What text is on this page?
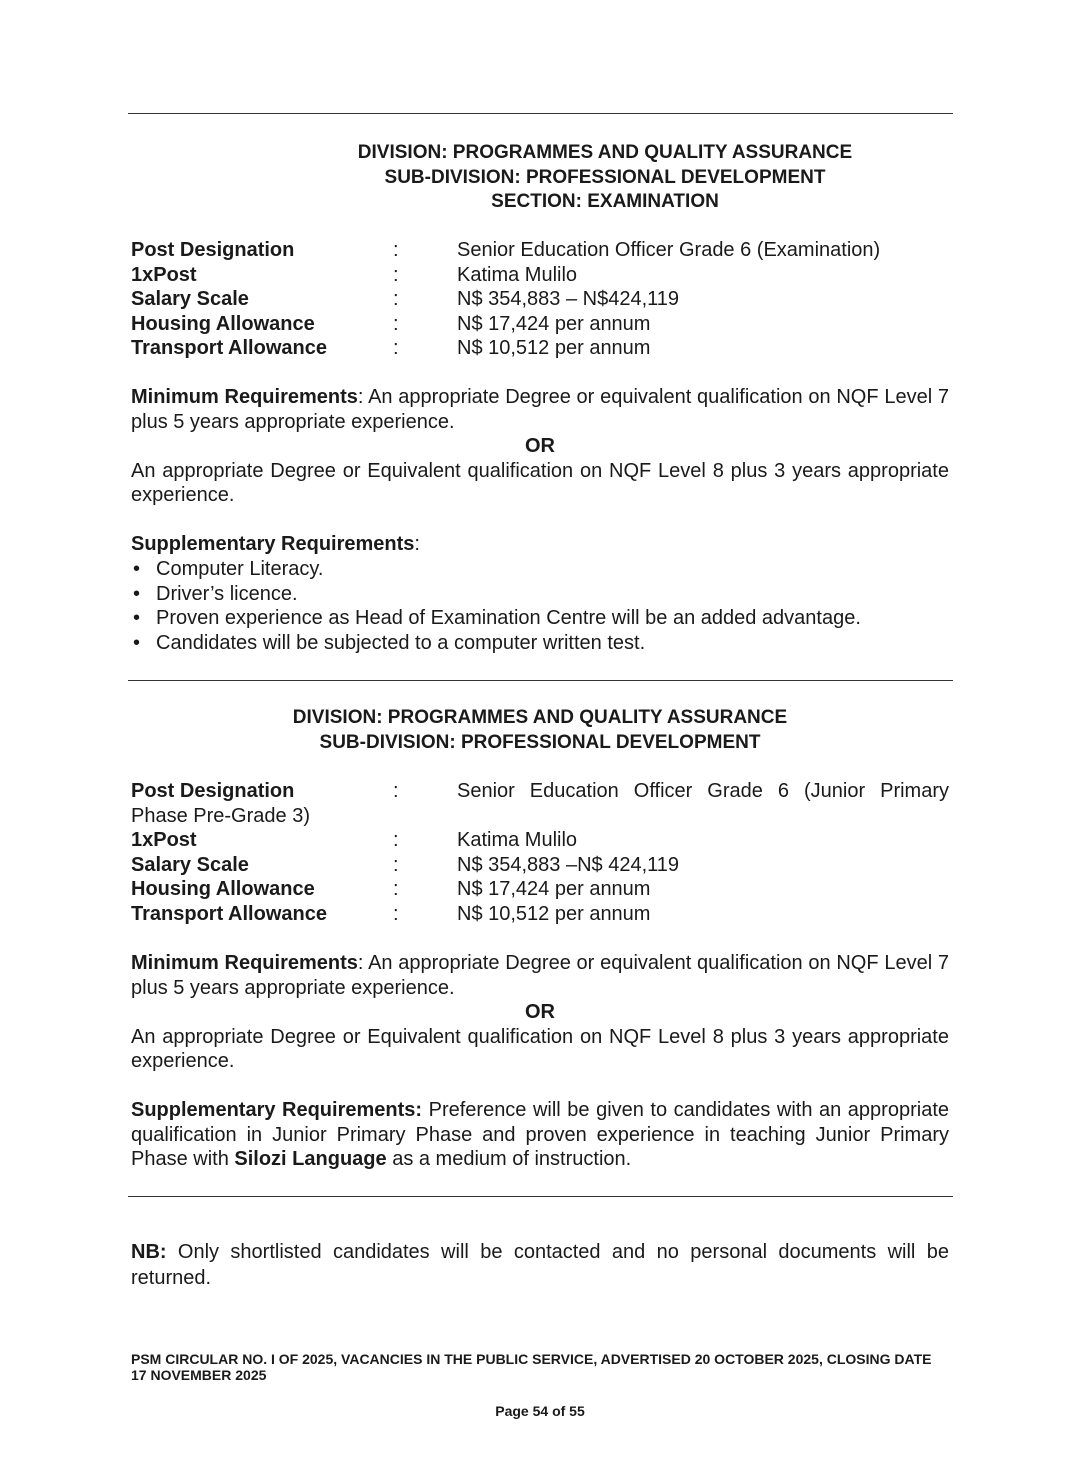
DIVISION: PROGRAMMES AND QUALITY ASSURANCE
SUB-DIVISION: PROFESSIONAL DEVELOPMENT
SECTION: EXAMINATION
Post Designation	:	Senior Education Officer Grade 6 (Examination)
1xPost	:	Katima Mulilo
Salary Scale	:	N$ 354,883 – N$424,119
Housing Allowance	:	N$ 17,424 per annum
Transport Allowance	:	N$ 10,512 per annum
Minimum Requirements: An appropriate Degree or equivalent qualification on NQF Level 7 plus 5 years appropriate experience.
OR
An appropriate Degree or Equivalent qualification on NQF Level 8 plus 3 years appropriate experience.
Supplementary Requirements:
• Computer Literacy.
• Driver’s licence.
• Proven experience as Head of Examination Centre will be an added advantage.
• Candidates will be subjected to a computer written test.
DIVISION: PROGRAMMES AND QUALITY ASSURANCE
SUB-DIVISION: PROFESSIONAL DEVELOPMENT
Post Designation	:	Senior Education Officer Grade 6 (Junior Primary
Phase Pre-Grade 3)
1xPost	:	Katima Mulilo
Salary Scale	:	N$ 354,883 –N$ 424,119
Housing Allowance	:	N$ 17,424 per annum
Transport Allowance	:	N$ 10,512 per annum
Minimum Requirements: An appropriate Degree or equivalent qualification on NQF Level 7 plus 5 years appropriate experience.
OR
An appropriate Degree or Equivalent qualification on NQF Level 8 plus 3 years appropriate experience.
Supplementary Requirements: Preference will be given to candidates with an appropriate qualification in Junior Primary Phase and proven experience in teaching Junior Primary Phase with Silozi Language as a medium of instruction.
NB: Only shortlisted candidates will be contacted and no personal documents will be returned.
PSM CIRCULAR NO. I OF 2025, VACANCIES IN THE PUBLIC SERVICE, ADVERTISED 20 OCTOBER 2025, CLOSING DATE 17 NOVEMBER 2025
Page 54 of 55
